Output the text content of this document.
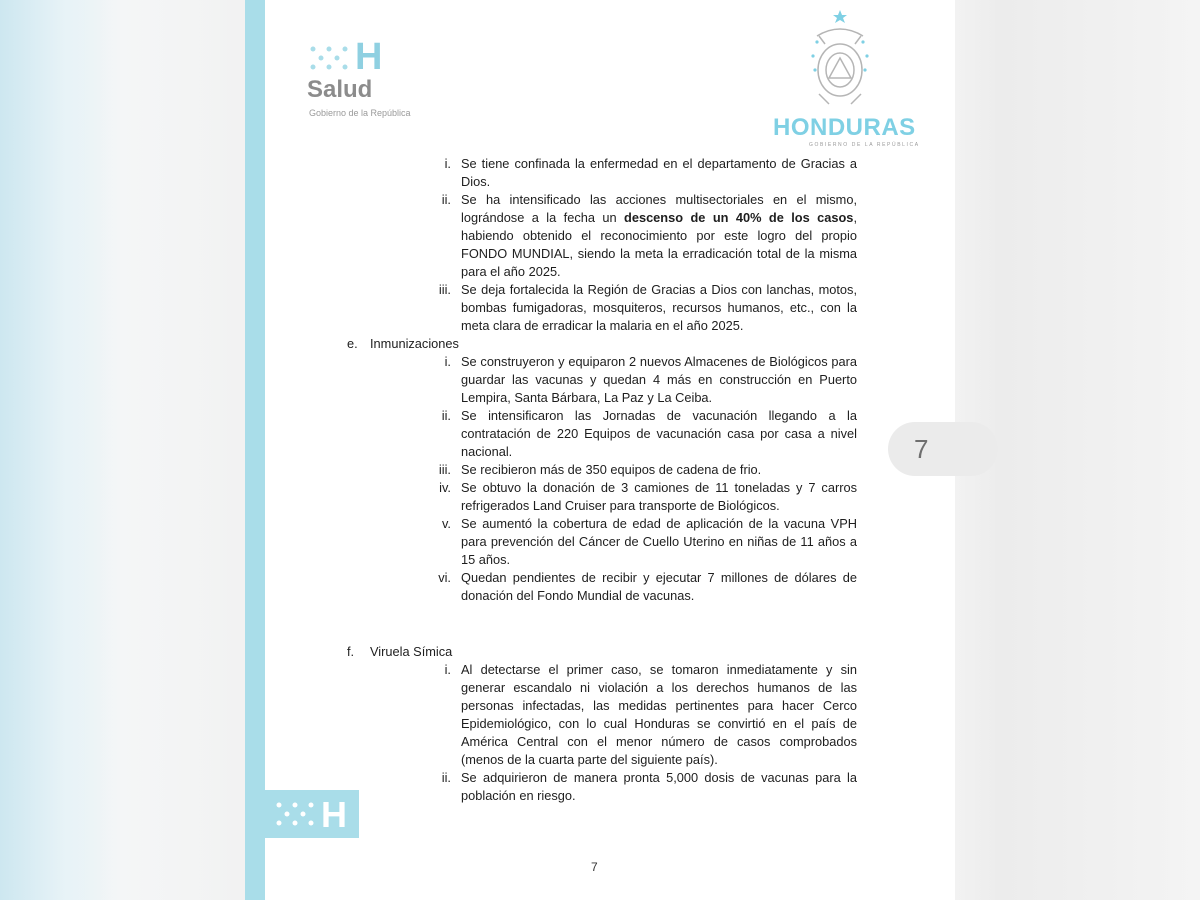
H
Salud
Gobierno de la República
HONDURAS
GOBIERNO DE LA REPÚBLICA
i. Se tiene confinada la enfermedad en el departamento de Gracias a Dios.
ii. Se ha intensificado las acciones multisectoriales en el mismo, lográndose a la fecha un descenso de un 40% de los casos, habiendo obtenido el reconocimiento por este logro del propio FONDO MUNDIAL, siendo la meta la erradicación total de la misma para el año 2025.
iii. Se deja fortalecida la Región de Gracias a Dios con lanchas, motos, bombas fumigadoras, mosquiteros, recursos humanos, etc., con la meta clara de erradicar la malaria en el año 2025.
e. Inmunizaciones
i. Se construyeron y equiparon 2 nuevos Almacenes de Biológicos para guardar las vacunas y quedan 4 más en construcción en Puerto Lempira, Santa Bárbara, La Paz y La Ceiba.
ii. Se intensificaron las Jornadas de vacunación llegando a la contratación de 220 Equipos de vacunación casa por casa a nivel nacional.
iii. Se recibieron más de 350 equipos de cadena de frio.
iv. Se obtuvo la donación de 3 camiones de 11 toneladas y 7 carros refrigerados Land Cruiser para transporte de Biológicos.
v. Se aumentó la cobertura de edad de aplicación de la vacuna VPH para prevención del Cáncer de Cuello Uterino en niñas de 11 años a 15 años.
vi. Quedan pendientes de recibir y ejecutar 7 millones de dólares de donación del Fondo Mundial de vacunas.
f. Viruela Símica
i. Al detectarse el primer caso, se tomaron inmediatamente y sin generar escandalo ni violación a los derechos humanos de las personas infectadas, las medidas pertinentes para hacer Cerco Epidemiológico, con lo cual Honduras se convirtió en el país de América Central con el menor número de casos comprobados (menos de la cuarta parte del siguiente país).
ii. Se adquirieron de manera pronta 5,000 dosis de vacunas para la población en riesgo.
H
7
7
